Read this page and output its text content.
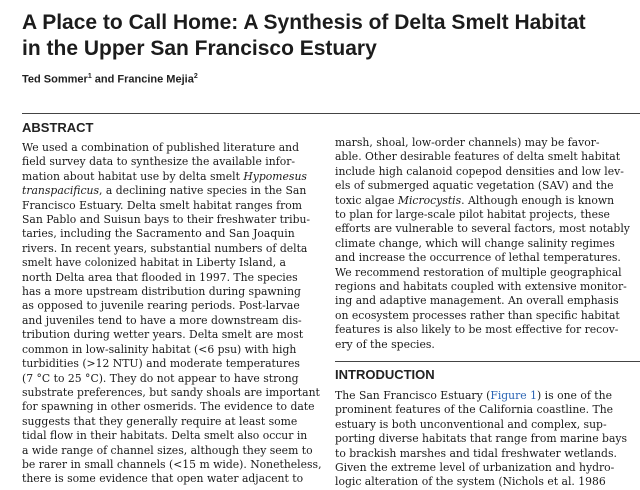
A Place to Call Home: A Synthesis of Delta Smelt Habitat
in the Upper San Francisco Estuary
Ted Sommer$^1$ and Francine Mejia$^2$
ABSTRACT
We used a combination of published literature and
field survey data to synthesize the available infor-
mation about habitat use by delta smelt Hypomesus
transpacificus, a declining native species in the San
Francisco Estuary. Delta smelt habitat ranges from
San Pablo and Suisun bays to their freshwater tribu-
taries, including the Sacramento and San Joaquin
rivers. In recent years, substantial numbers of delta
smelt have colonized habitat in Liberty Island, a
north Delta area that flooded in 1997. The species
has a more upstream distribution during spawning
as opposed to juvenile rearing periods. Post-larvae
and juveniles tend to have a more downstream dis-
tribution during wetter years. Delta smelt are most
common in low-salinity habitat (<6 psu) with high
turbidities (>12 NTU) and moderate temperatures
(7 °C to 25 °C). They do not appear to have strong
substrate preferences, but sandy shoals are important
for spawning in other osmerids. The evidence to date
suggests that they generally require at least some
tidal flow in their habitats. Delta smelt also occur in
a wide range of channel sizes, although they seem to
be rarer in small channels (<15 m wide). Nonetheless,
there is some evidence that open water adjacent to
marsh, shoal, low-order channels) may be favor-
able. Other desirable features of delta smelt habitat
include high calanoid copepod densities and low lev-
els of submerged aquatic vegetation (SAV) and the
toxic algae Microcystis. Although enough is known
to plan for large-scale pilot habitat projects, these
efforts are vulnerable to several factors, most notably
climate change, which will change salinity regimes
and increase the occurrence of lethal temperatures.
We recommend restoration of multiple geographical
regions and habitats coupled with extensive monitor-
ing and adaptive management. An overall emphasis
on ecosystem processes rather than specific habitat
features is also likely to be most effective for recov-
ery of the species.
INTRODUCTION
The San Francisco Estuary (Figure 1) is one of the
prominent features of the California coastline. The
estuary is both unconventional and complex, sup-
porting diverse habitats that range from marine bays
to brackish marshes and tidal freshwater wetlands.
Given the extreme level of urbanization and hydro-
logic alteration of the system (Nichols et al. 1986
